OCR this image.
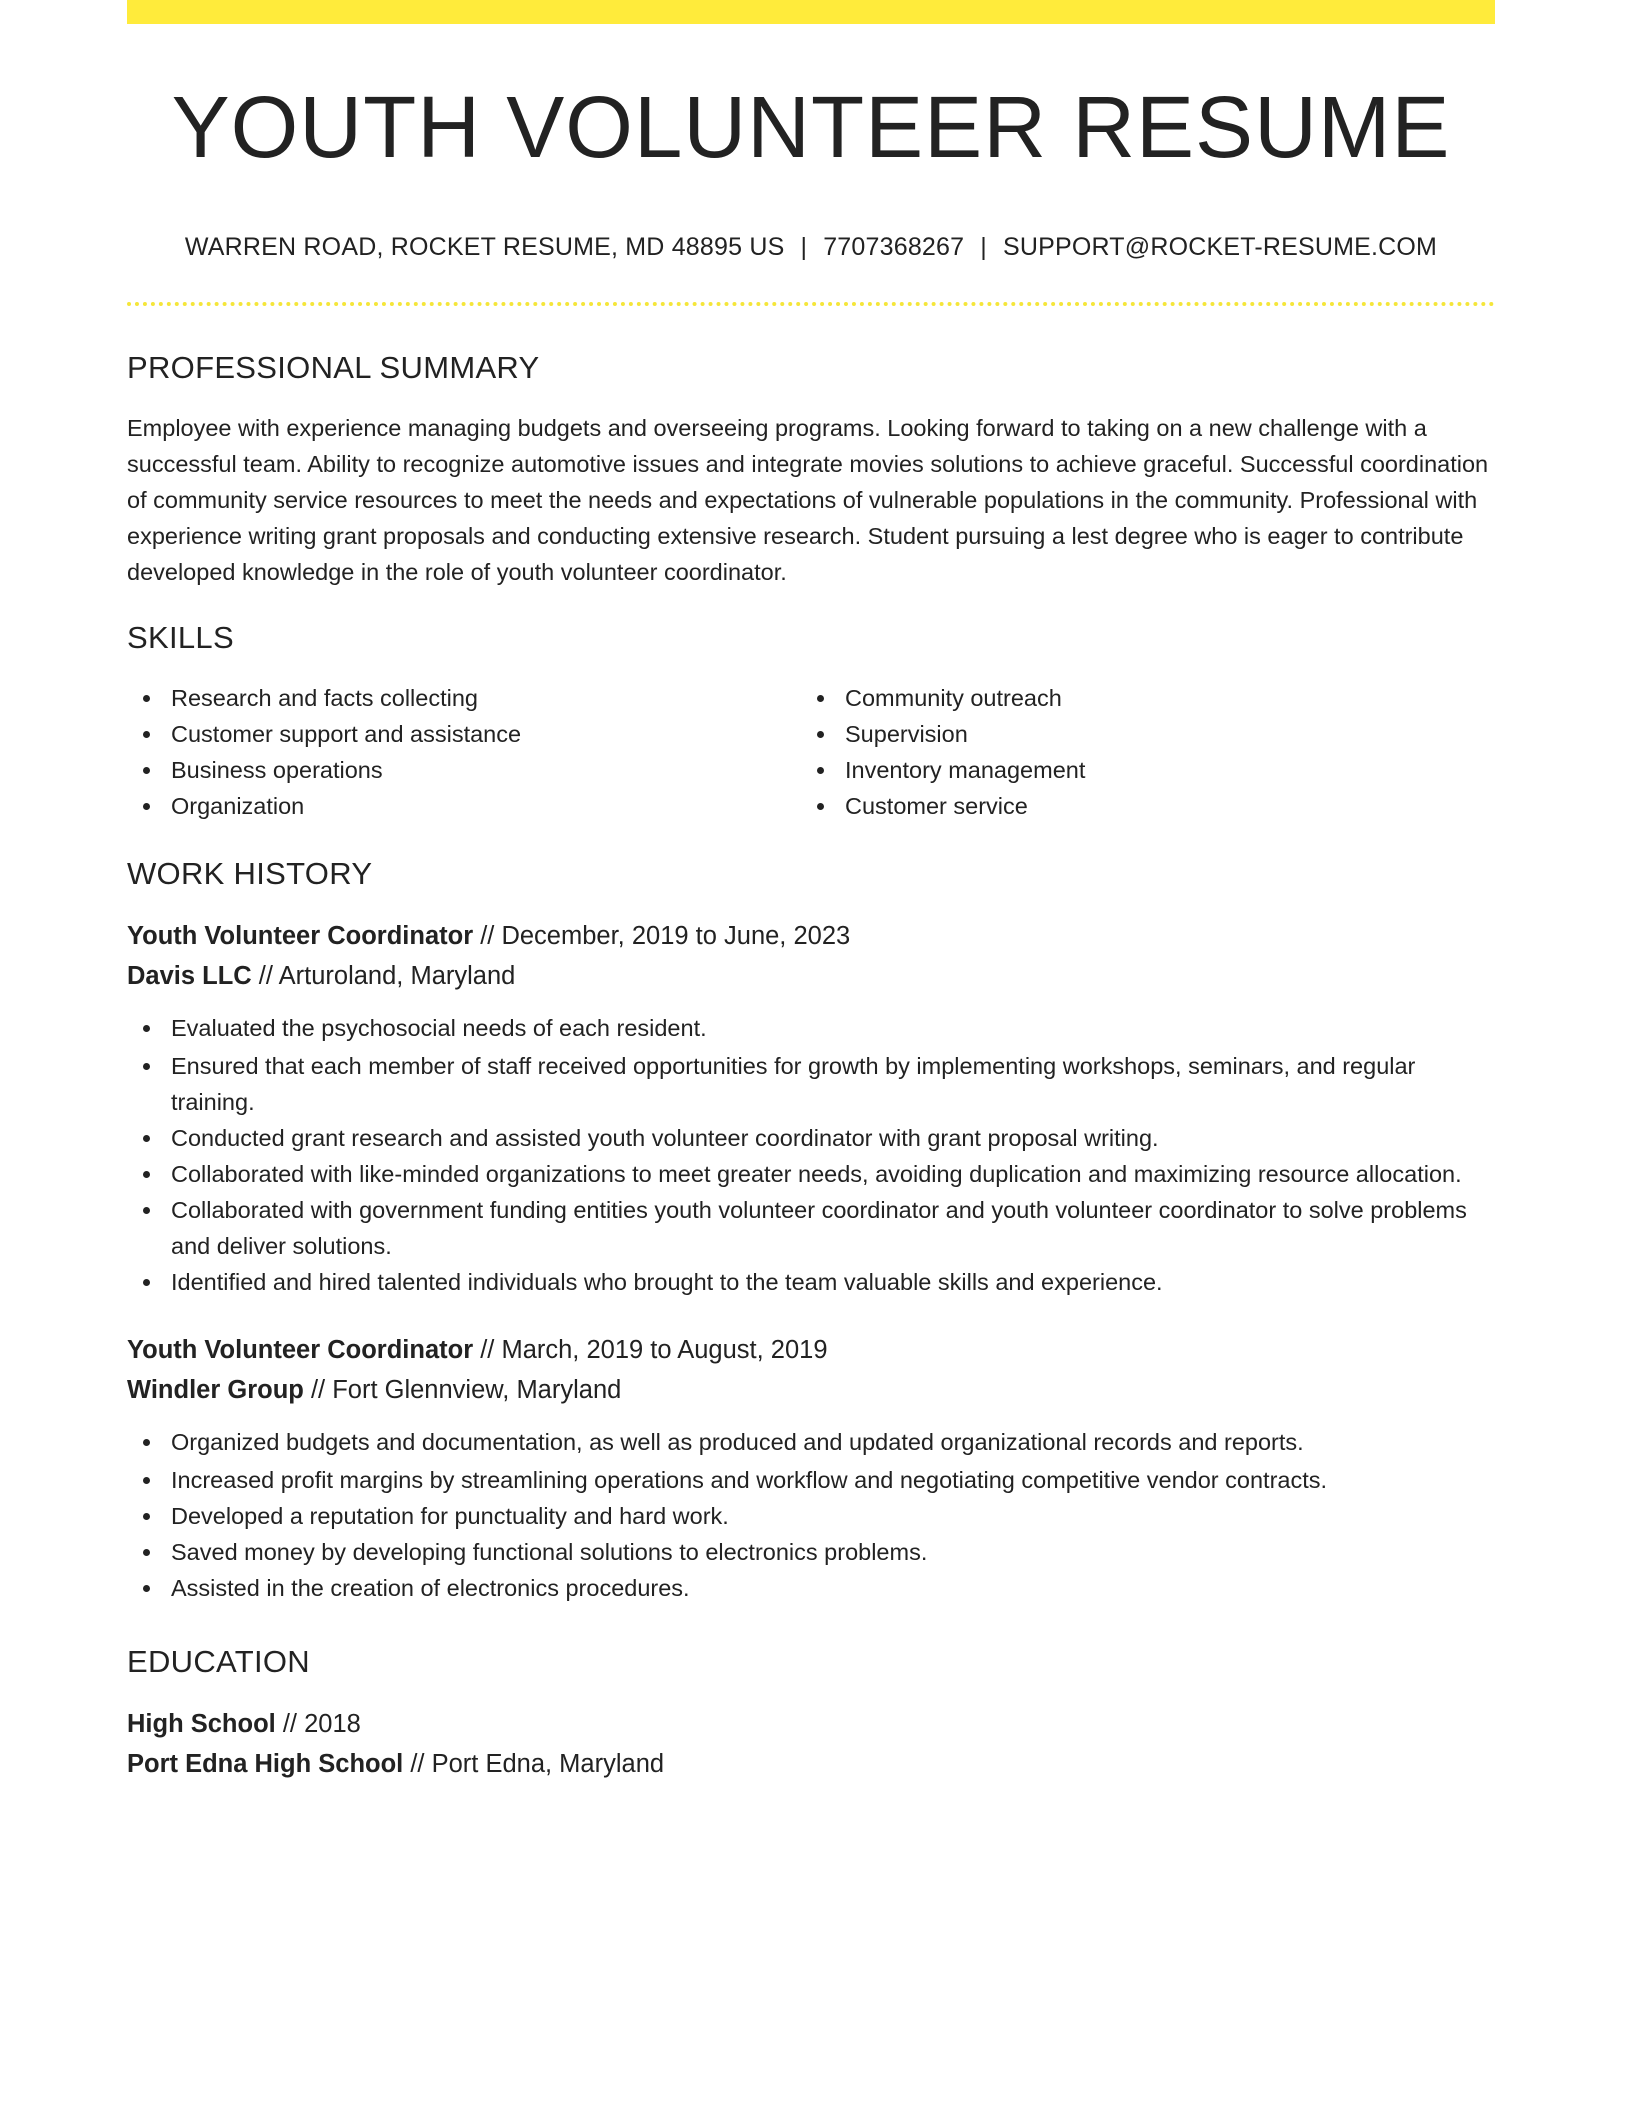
YOUTH VOLUNTEER RESUME
WARREN ROAD, ROCKET RESUME, MD 48895 US | 7707368267 | SUPPORT@ROCKET-RESUME.COM
PROFESSIONAL SUMMARY

Employee with experience managing budgets and overseeing programs. Looking forward to taking on a new challenge with a successful team. Ability to recognize automotive issues and integrate movies solutions to achieve graceful. Successful coordination of community service resources to meet the needs and expectations of vulnerable populations in the community. Professional with experience writing grant proposals and conducting extensive research. Student pursuing a lest degree who is eager to contribute developed knowledge in the role of youth volunteer coordinator.

SKILLS
Research and facts collecting
Customer support and assistance
Business operations
Organization
Community outreach
Supervision
Inventory management
Customer service
WORK HISTORY
Youth Volunteer Coordinator // December, 2019 to June, 2023
Davis LLC // Arturoland, Maryland
Evaluated the psychosocial needs of each resident.
Ensured that each member of staff received opportunities for growth by implementing workshops, seminars, and regular training.
Conducted grant research and assisted youth volunteer coordinator with grant proposal writing.
Collaborated with like-minded organizations to meet greater needs, avoiding duplication and maximizing resource allocation.
Collaborated with government funding entities youth volunteer coordinator and youth volunteer coordinator to solve problems and deliver solutions.
Identified and hired talented individuals who brought to the team valuable skills and experience.
Youth Volunteer Coordinator // March, 2019 to August, 2019
Windler Group // Fort Glennview, Maryland
Organized budgets and documentation, as well as produced and updated organizational records and reports.
Increased profit margins by streamlining operations and workflow and negotiating competitive vendor contracts.
Developed a reputation for punctuality and hard work.
Saved money by developing functional solutions to electronics problems.
Assisted in the creation of electronics procedures.
EDUCATION
High School // 2018
Port Edna High School // Port Edna, Maryland
